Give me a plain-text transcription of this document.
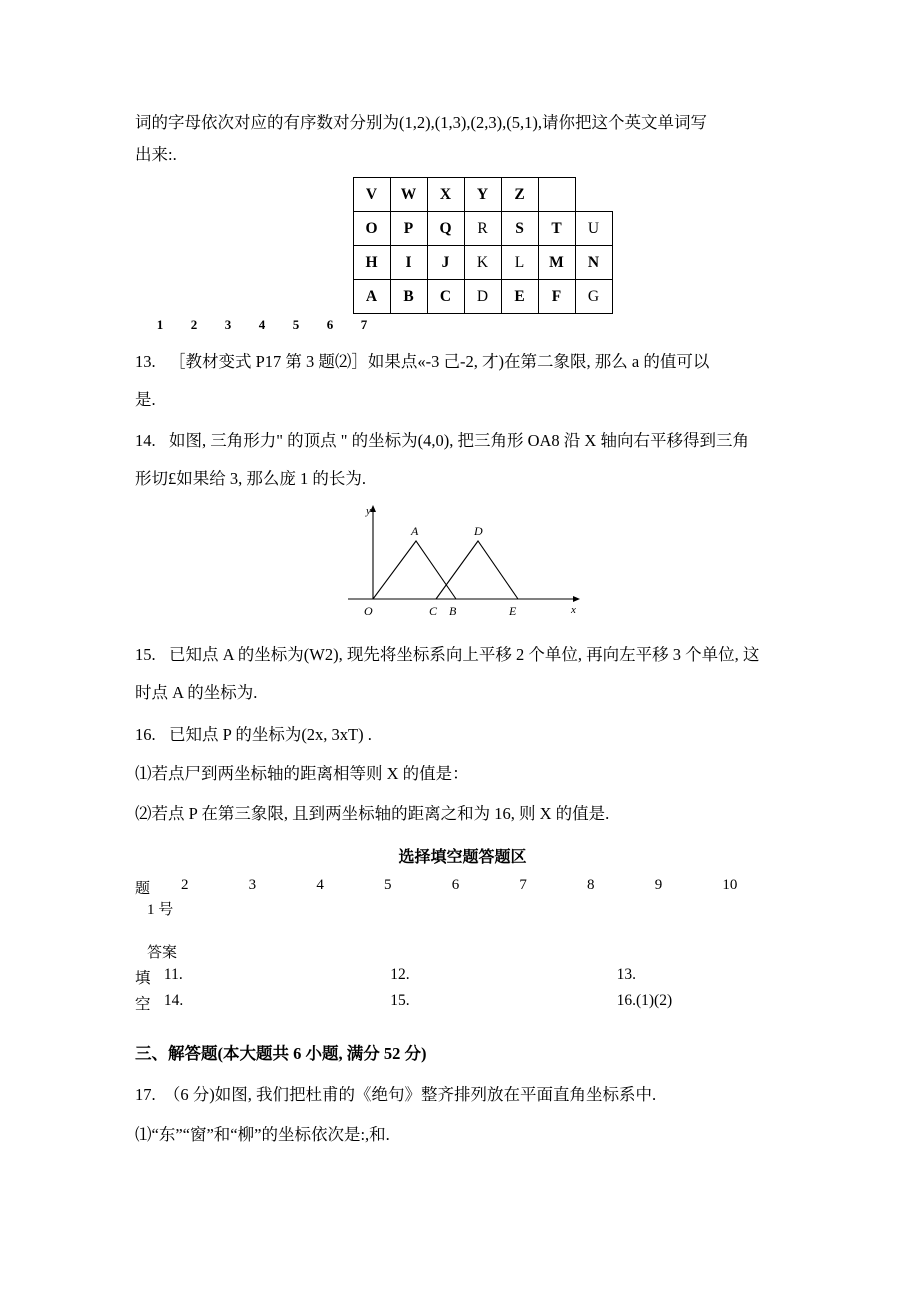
词的字母依次对应的有序数对分别为(1,2),(1,3),(2,3),(5,1),请你把这个英文单词写

出来:.

V	W	X	Y	Z		
O	P	Q	R	S	T	U
H	I	J	K	L	M	N
A	B	C	D	E	F	G
1 2 3 4 5 6 7

13. ［教材变式 P17 第 3 题⑵］如果点«-3 己-2, 才)在第二象限, 那么 a 的值可以

是.

14. 如图, 三角形力" 的顶点 " 的坐标为(4,0), 把三角形 OA8 沿 X 轴向右平移得到三角

形切£如果给 3, 那么庞 1 的长为.

y
x
O
A	D
C B	E

15. 已知点 A 的坐标为(W2), 现先将坐标系向上平移 2 个单位, 再向左平移 3 个单位, 这

时点 A 的坐标为.

16. 已知点 P 的坐标为(2x, 3xT) .

⑴若点尸到两坐标轴的距离相等则 X 的值是：

⑵若点 P 在第三象限, 且到两坐标轴的距离之和为 16, 则 X 的值是.

选择填空题答题区
题
1 号
2	3	4	5	6	7	8	9	10
答案
填 11.	12.	13.
空 14.	15.	16.(1)(2)
三、解答题(本大题共 6 小题, 满分 52 分)

17.　（6 分)如图, 我们把杜甫的《绝句》整齐排列放在平面直角坐标系中.

⑴“东”“窗”和“柳”的坐标依次是:,和.
